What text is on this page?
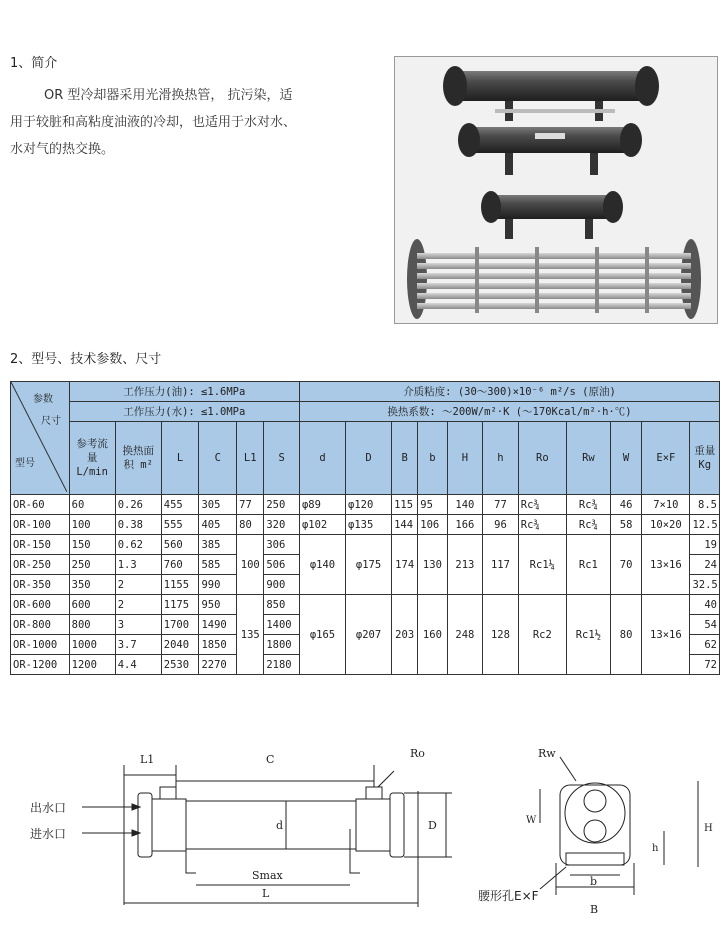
1、简介
OR 型冷却器采用光滑换热管， 抗污染，适
用于较脏和高粘度油液的冷却，也适用于水对水、
水对气的热交换。
2、型号、技术参数、尺寸
参数
尺寸
型号	工作压力(油): ≤1.6MPa						介质粘度: (30～300)×10⁻⁶ m²/s (原油)										
	工作压力(水): ≤1.0MPa						换热系数: ～200W/m²·K (～170Kcal/m²·h·℃)										
	参考流量L/min	换热面积 m²	L	C	L1	S	d	D	B	b	H	h	Ro	Rw	W	E×F	重量 Kg
OR-60	60	0.26	455	305	77	250	φ89	φ120	115	95	140	77	Rc¾	Rc¾	46	7×10	8.5
OR-100	100	0.38	555	405	80	320	φ102	φ135	144	106	166	96	Rc¾	Rc¾	58	10×20	12.5
OR-150	150	0.62	560	385	100	306	φ140	φ175	174	130	213	117	Rc1¼	Rc1	70	13×16	19
OR-250	250	1.3	760	585		506											24
OR-350	350	2	1155	990		900											32.5
OR-600	600	2	1175	950	135	850	φ165	φ207	203	160	248	128	Rc2	Rc1½	80	13×16	40
OR-800	800	3	1700	1490		1400											54
OR-1000	1000	3.7	2040	1850		1800											62
OR-1200	1200	4.4	2530	2270		2180											72
L1	C	Ro	Rw
出水口
进水口
d	D
Smax
L
W
h
H
b
B
腰形孔E×F
